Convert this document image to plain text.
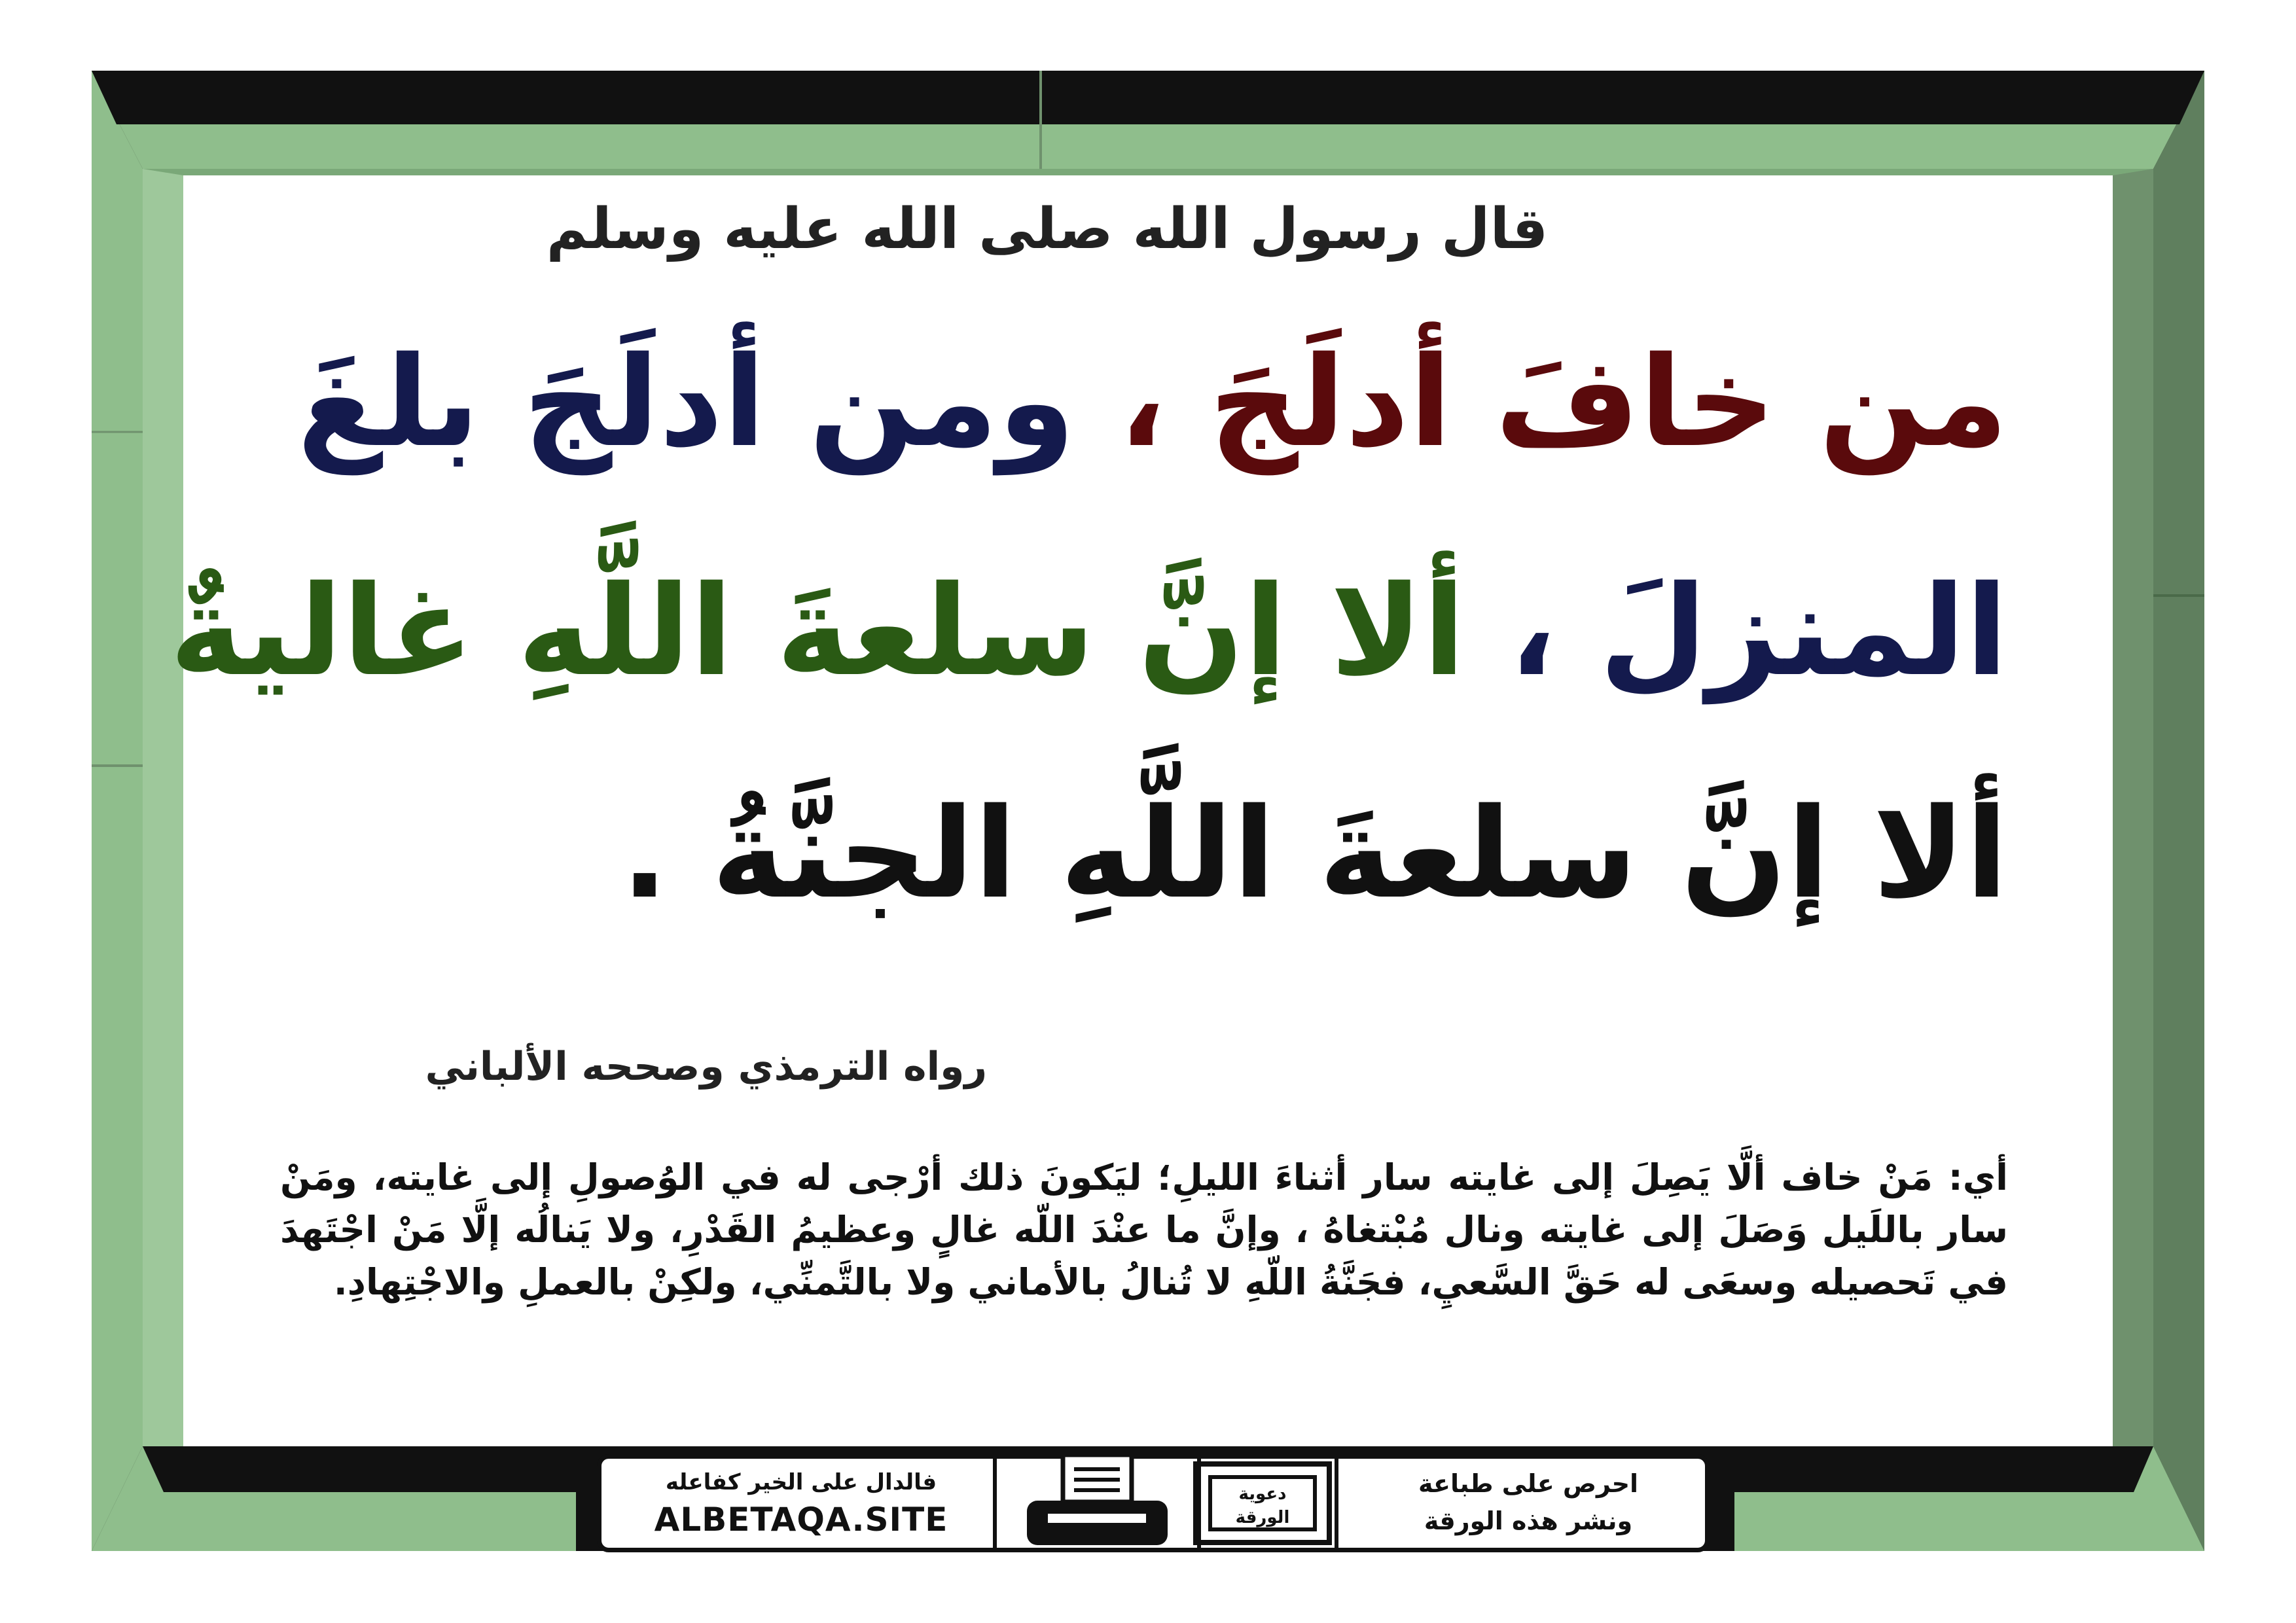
قال رسول الله صلى الله عليه وسلم
من خافَ أدلَجَ ، ومن أدلَجَ بلغَ
المنزلَ ، ألا إنَّ سلعةَ اللَّهِ غاليةٌ
ألا إنَّ سلعةَ اللَّهِ الجنَّةُ .
رواه الترمذي وصححه الألباني
أي: مَنْ خاف ألَّا يَصِلَ إلى غايته سار أثناءَ الليلِ؛ ليَكونَ ذلك أرْجى له في الوُصولِ إلى غايته، ومَنْ سار باللَيل وَصَلَ إلى غايته ونال مُبْتغاهُ ، وإنَّ ما عنْدَ اللّه غالٍ وعظيمُ القَدْرِ، ولا يَنالُه إلَّا مَنْ اجْتَهدَ في تَحصيله وسعَى له حَقَّ السَّعيِ، فجَنَّةُ اللّهِ لا تُنالُ بالأماني ولا بالتَّمنِّي، ولكِنْ بالعملِ والاجْتِهادِ.
احرص على طباعة
ونشر هذه الورقة
دعوية
الورقة
فالدال على الخير كفاعله
ALBETAQA.SITE
